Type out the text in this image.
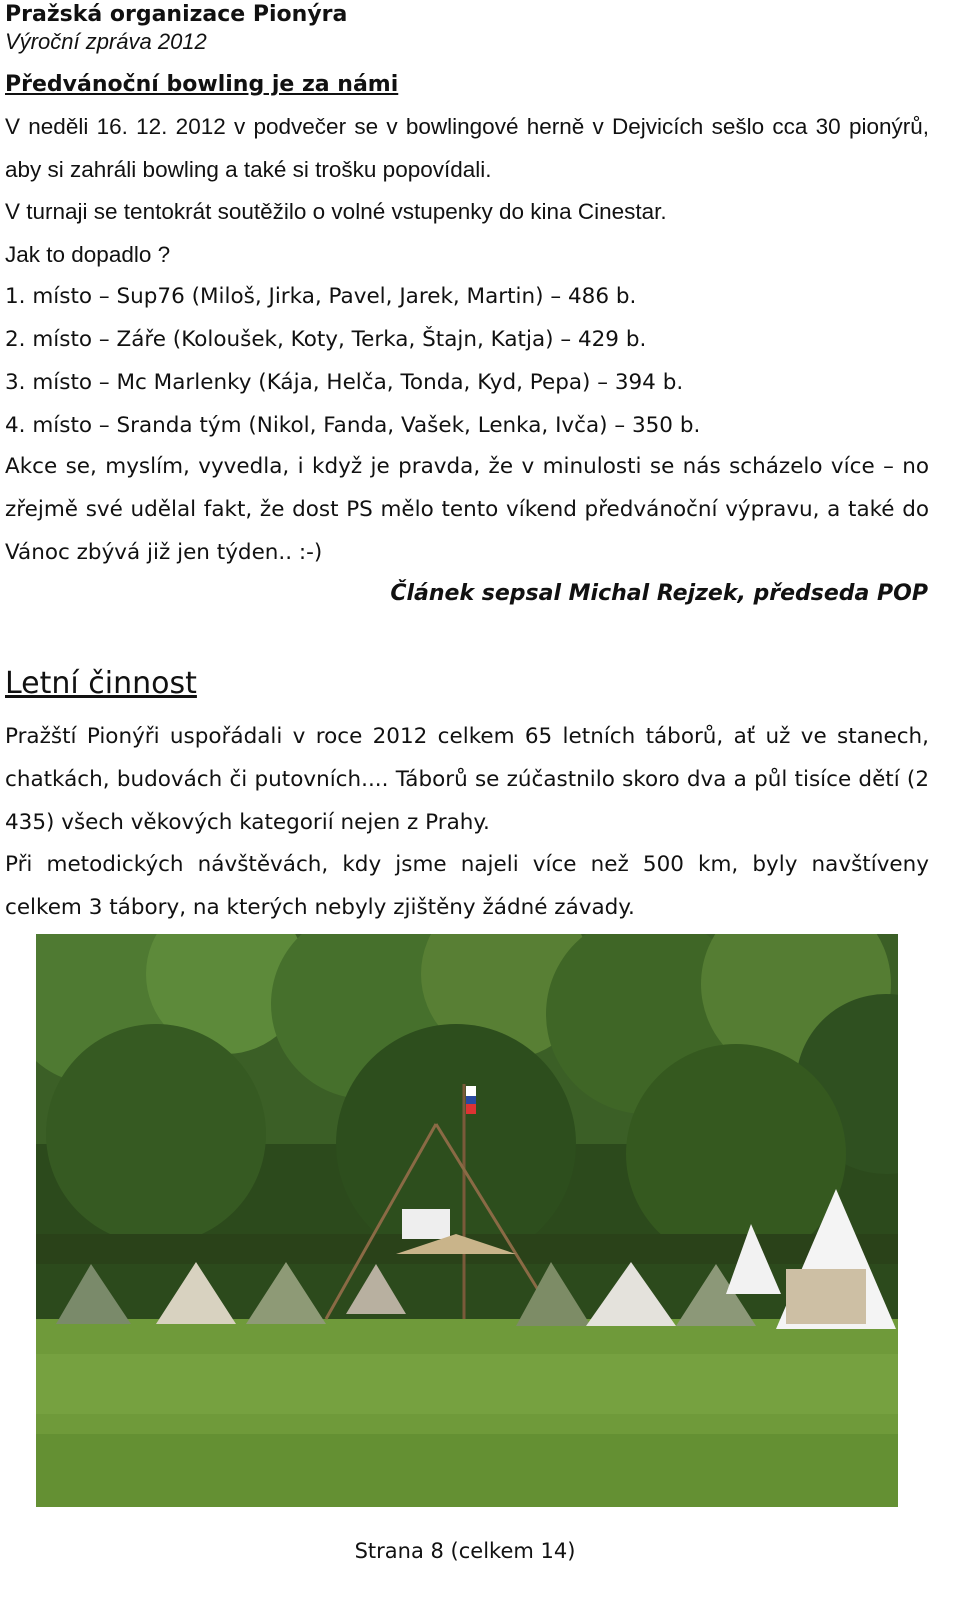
Pražská organizace Pionýra
Výroční zpráva 2012
Předvánoční bowling je za námi

V neděli 16. 12. 2012 v podvečer se v bowlingové herně v Dejvicích sešlo cca 30 pionýrů, aby si zahráli bowling a také si trošku popovídali.

V turnaji se tentokrát soutěžilo o volné vstupenky do kina Cinestar.

Jak to dopadlo ?

1. místo – Sup76 (Miloš, Jirka, Pavel, Jarek, Martin) – 486 b.
2. místo – Záře (Koloušek, Koty, Terka, Štajn, Katja) – 429 b.
3. místo – Mc Marlenky (Kája, Helča, Tonda, Kyd, Pepa) – 394 b.
4. místo – Sranda tým (Nikol, Fanda, Vašek, Lenka, Ivča) – 350 b.

Akce se, myslím, vyvedla, i když je pravda, že v minulosti se nás scházelo více – no zřejmě své udělal fakt, že dost PS mělo tento víkend předvánoční výpravu, a také do Vánoc zbývá již jen týden.. :-)

Článek sepsal Michal Rejzek, předseda POP
Letní činnost

Pražští Pionýři uspořádali v roce 2012 celkem 65 letních táborů, ať už ve stanech, chatkách, budovách či putovních.... Táborů se zúčastnilo skoro dva a půl tisíce dětí (2 435) všech věkových kategorií nejen z Prahy.

Při metodických návštěvách, kdy jsme najeli více než 500 km, byly navštíveny celkem 3 tábory, na kterých nebyly zjištěny žádné závady.

Strana 8 (celkem 14)
